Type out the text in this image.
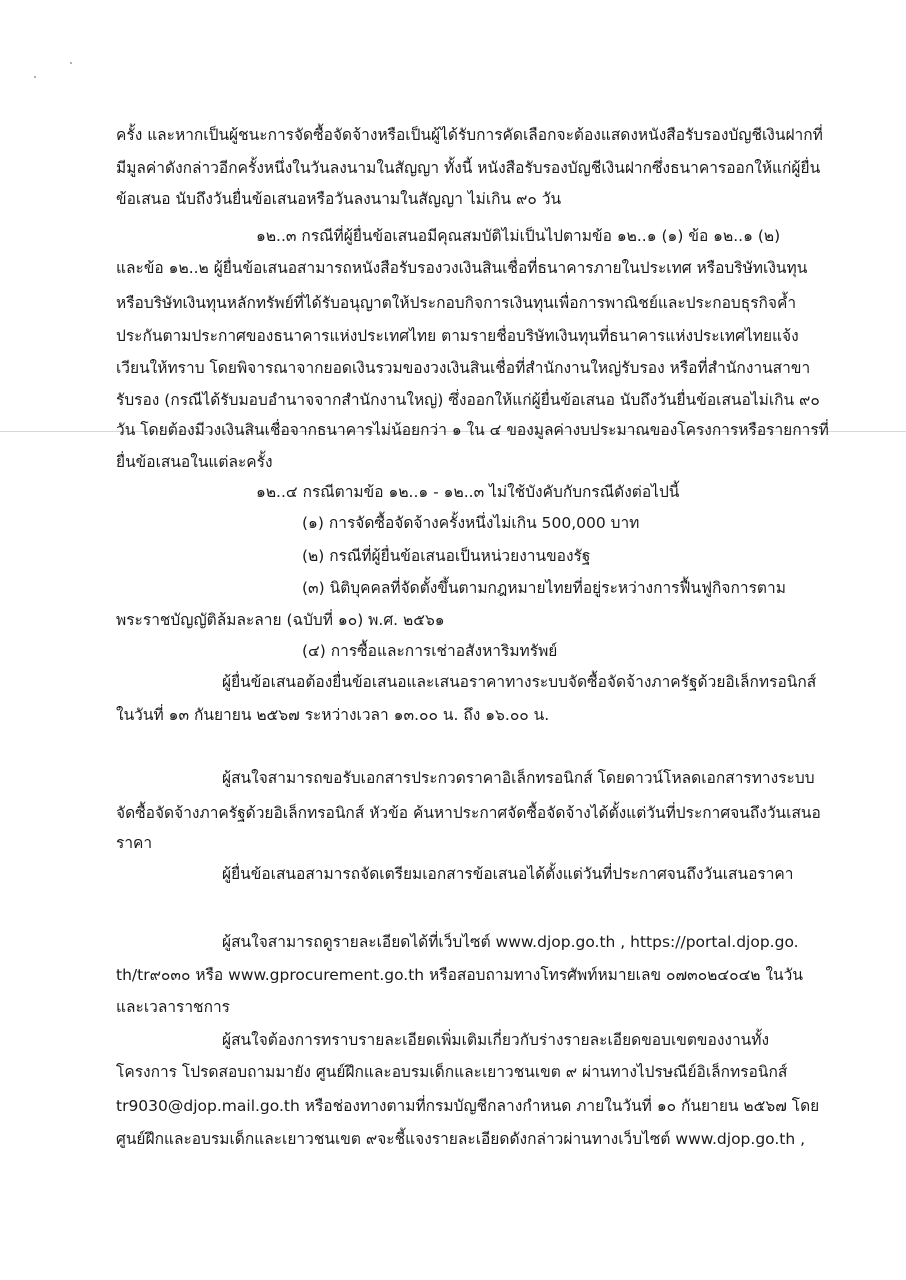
ครั้ง และหากเป็นผู้ชนะการจัดซื้อจัดจ้างหรือเป็นผู้ได้รับการคัดเลือกจะต้องแสดงหนังสือรับรองบัญชีเงินฝากที่
มีมูลค่าดังกล่าวอีกครั้งหนึ่งในวันลงนามในสัญญา ทั้งนี้ หนังสือรับรองบัญชีเงินฝากซึ่งธนาคารออกให้แก่ผู้ยื่น
ข้อเสนอ นับถึงวันยื่นข้อเสนอหรือวันลงนามในสัญญา ไม่เกิน ๙๐ วัน
๑๒..๓ กรณีที่ผู้ยื่นข้อเสนอมีคุณสมบัติไม่เป็นไปตามข้อ ๑๒..๑ (๑) ข้อ ๑๒..๑ (๒)
และข้อ ๑๒..๒ ผู้ยื่นข้อเสนอสามารถหนังสือรับรองวงเงินสินเชื่อที่ธนาคารภายในประเทศ หรือบริษัทเงินทุน
หรือบริษัทเงินทุนหลักทรัพย์ที่ได้รับอนุญาตให้ประกอบกิจการเงินทุนเพื่อการพาณิชย์และประกอบธุรกิจค้ำ
ประกันตามประกาศของธนาคารแห่งประเทศไทย ตามรายชื่อบริษัทเงินทุนที่ธนาคารแห่งประเทศไทยแจ้ง
เวียนให้ทราบ โดยพิจารณาจากยอดเงินรวมของวงเงินสินเชื่อที่สำนักงานใหญ่รับรอง หรือที่สำนักงานสาขา
รับรอง (กรณีได้รับมอบอำนาจจากสำนักงานใหญ่) ซึ่งออกให้แก่ผู้ยื่นข้อเสนอ นับถึงวันยื่นข้อเสนอไม่เกิน ๙๐
วัน โดยต้องมีวงเงินสินเชื่อจากธนาคารไม่น้อยกว่า ๑ ใน ๔ ของมูลค่างบประมาณของโครงการหรือรายการที่
ยื่นข้อเสนอในแต่ละครั้ง
๑๒..๔ กรณีตามข้อ ๑๒..๑ - ๑๒..๓ ไม่ใช้บังคับกับกรณีดังต่อไปนี้
(๑) การจัดซื้อจัดจ้างครั้งหนึ่งไม่เกิน 500,000 บาท
(๒) กรณีที่ผู้ยื่นข้อเสนอเป็นหน่วยงานของรัฐ
(๓) นิติบุคคลที่จัดตั้งขึ้นตามกฎหมายไทยที่อยู่ระหว่างการฟื้นฟูกิจการตาม
พระราชบัญญัติล้มละลาย (ฉบับที่ ๑๐) พ.ศ. ๒๕๖๑
(๔) การซื้อและการเช่าอสังหาริมทรัพย์
ผู้ยื่นข้อเสนอต้องยื่นข้อเสนอและเสนอราคาทางระบบจัดซื้อจัดจ้างภาครัฐด้วยอิเล็กทรอนิกส์
ในวันที่ ๑๓ กันยายน ๒๕๖๗ ระหว่างเวลา ๑๓.๐๐ น. ถึง ๑๖.๐๐ น.
ผู้สนใจสามารถขอรับเอกสารประกวดราคาอิเล็กทรอนิกส์ โดยดาวน์โหลดเอกสารทางระบบ
จัดซื้อจัดจ้างภาครัฐด้วยอิเล็กทรอนิกส์ หัวข้อ ค้นหาประกาศจัดซื้อจัดจ้างได้ตั้งแต่วันที่ประกาศจนถึงวันเสนอ
ราคา
ผู้ยื่นข้อเสนอสามารถจัดเตรียมเอกสารข้อเสนอได้ตั้งแต่วันที่ประกาศจนถึงวันเสนอราคา
ผู้สนใจสามารถดูรายละเอียดได้ที่เว็บไซต์ www.djop.go.th , https://portal.djop.go.
th/tr๙๐๓๐ หรือ www.gprocurement.go.th หรือสอบถามทางโทรศัพท์หมายเลข ๐๗๓๐๒๔๐๔๒ ในวัน
และเวลาราชการ
ผู้สนใจต้องการทราบรายละเอียดเพิ่มเติมเกี่ยวกับร่างรายละเอียดขอบเขตของงานทั้ง
โครงการ โปรดสอบถามมายัง ศูนย์ฝึกและอบรมเด็กและเยาวชนเขต ๙ ผ่านทางไปรษณีย์อิเล็กทรอนิกส์
tr9030@djop.mail.go.th หรือช่องทางตามที่กรมบัญชีกลางกำหนด ภายในวันที่ ๑๐ กันยายน ๒๕๖๗ โดย
ศูนย์ฝึกและอบรมเด็กและเยาวชนเขต ๙จะชี้แจงรายละเอียดดังกล่าวผ่านทางเว็บไซต์ www.djop.go.th ,
